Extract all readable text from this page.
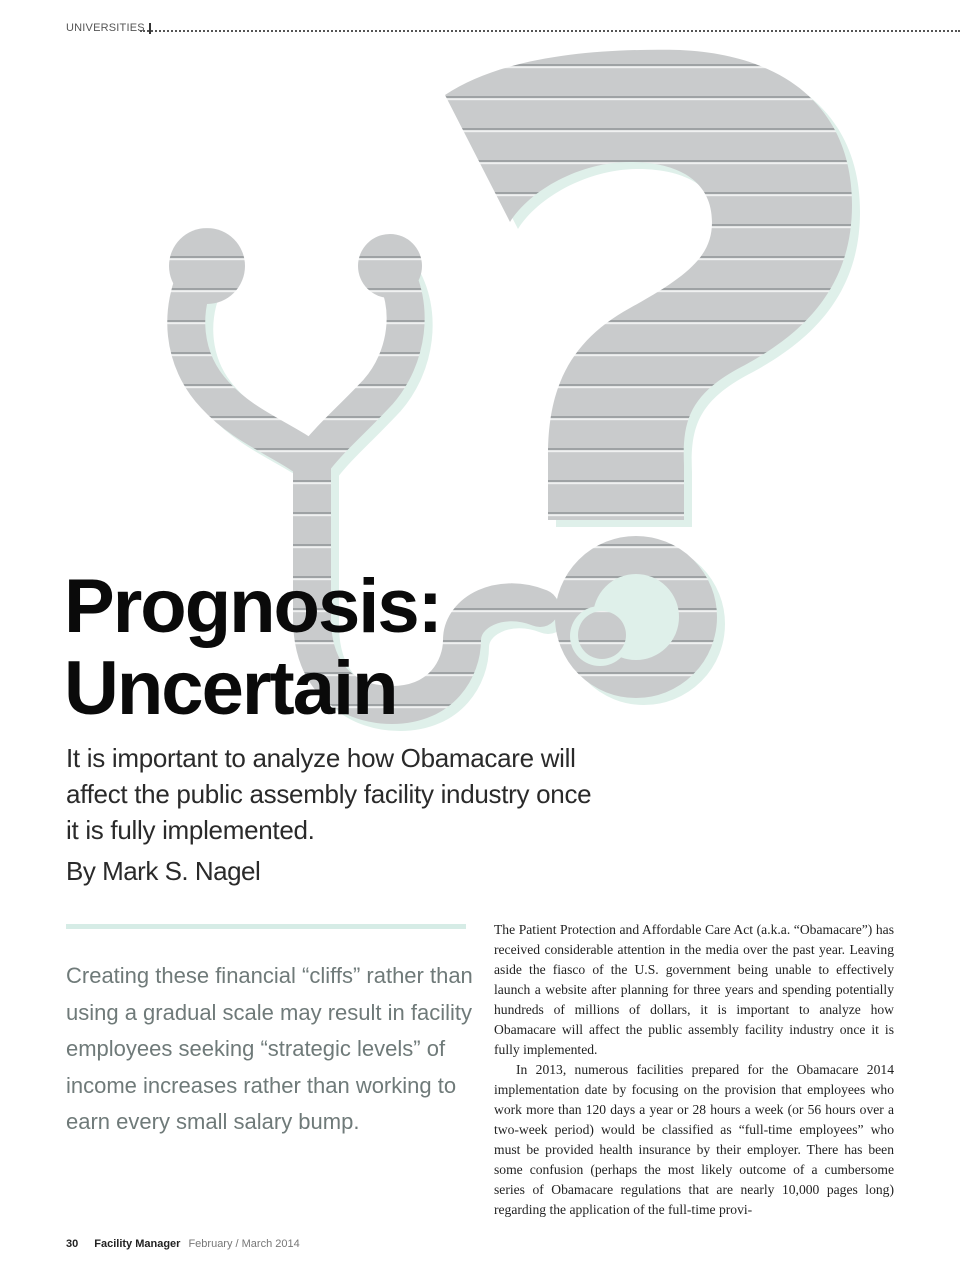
UNIVERSITIES
Prognosis:
Uncertain
It is important to analyze how Obamacare will affect the public assembly facility industry once it is fully implemented.
By Mark S. Nagel
Creating these financial “cliffs” rather than using a gradual scale may result in facility employees seeking “strategic levels” of income increases rather than working to earn every small salary bump.

The Patient Protection and Affordable Care Act (a.k.a. “Obamacare”) has received considerable attention in the media over the past year. Leaving aside the fiasco of the U.S. government being unable to effectively launch a website after planning for three years and spending potentially hundreds of millions of dollars, it is important to analyze how Obamacare will affect the public assembly facility industry once it is fully implemented.

In 2013, numerous facilities prepared for the Obamacare 2014 implementation date by focusing on the provision that employees who work more than 120 days a year or 28 hours a week (or 56 hours over a two-week period) would be classified as “full-time employees” who must be provided health insurance by their employer. There has been some confusion (perhaps the most likely outcome of a cumbersome series of Obamacare regulations that are nearly 10,000 pages long) regarding the application of the full-time provi-

30 Facility Manager February / March 2014
